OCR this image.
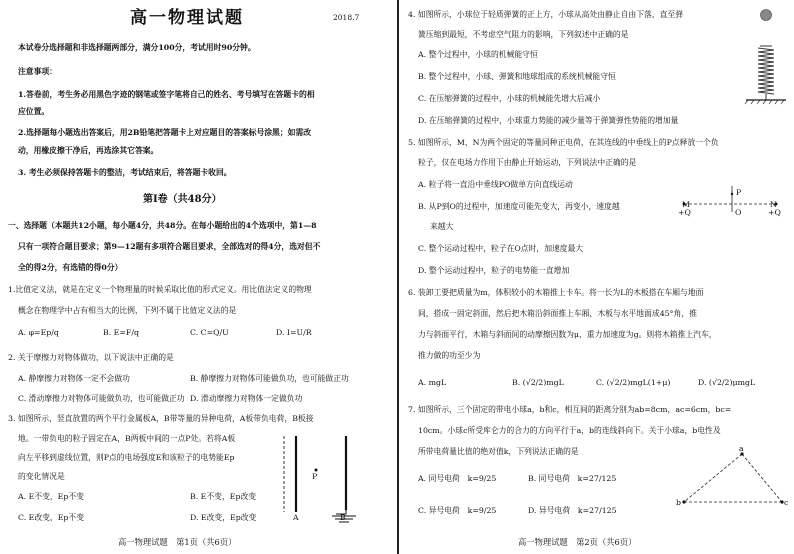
高一物理试题	2018.7
本试卷分选择题和非选择题两部分，满分100分，考试用时90分钟。
注意事项：
1.答卷前，考生务必用黑色字迹的钢笔或签字笔将自己的姓名、考号填写在答题卡的相
应位置。
2.选择题每小题选出答案后，用2B铅笔把答题卡上对应题目的答案标号涂黑；如需改
动，用橡皮擦干净后，再选涂其它答案。
3. 考生必须保持答题卡的整洁，考试结束后，将答题卡收回。
第Ⅰ卷（共48分）
一、选择题（本题共12小题，每小题4分，共48分。在每小题给出的4个选项中，第1—8
只有一项符合题目要求；第9—12题有多项符合题目要求，全部选对的得4分，选对但不
全的得2分，有选错的得0分）
1.比值定义法，就是在定义一个物理量的时候采取比值的形式定义。用比值法定义的物理
概念在物理学中占有相当大的比例，下列不属于比值定义法的是
A. φ=Ep/q	B. E=F/q	C. C=Q/U	D. I=U/R
2. 关于摩擦力对物体做功，以下说法中正确的是
A. 静摩擦力对物体一定不会做功	B. 静摩擦力对物体可能做负功，也可能做正功
C. 滑动摩擦力对物体可能做负功，也可能做正功 D. 滑动摩擦力对物体一定做负功
3. 如图所示，竖直放置的两个平行金属板A，B带等量的异种电荷，A板带负电荷，B板接
地。一带负电的粒子固定在A，B两板中间的一点P处。若将A板
向左平移到虚线位置，则P点的电场强度E和该粒子的电势能Ep
的变化情况是
A. E不变，Ep不变	B. E不变，Ep改变
C. E改变，Ep不变	D. E改变，Ep改变
P
A	B
高一物理试题　第1页（共6页）
4. 如图所示，小球位于轻质弹簧的正上方，小球从高处由静止自由下落，直至弹
簧压缩到最短，不考虑空气阻力的影响，下列叙述中正确的是
A. 整个过程中，小球的机械能守恒
B. 整个过程中，小球、弹簧和地球组成的系统机械能守恒
C. 在压缩弹簧的过程中，小球的机械能先增大后减小
D. 在压缩弹簧的过程中，小球重力势能的减少量等于弹簧弹性势能的增加量
5. 如图所示，M、N为两个固定的等量同种正电荷，在其连线的中垂线上的P点释放一个负
粒子，仅在电场力作用下由静止开始运动，下列说法中正确的是
A. 粒子将一直沿中垂线PO做单方向直线运动
B. 从P到O的过程中，加速度可能先变大，再变小，速度越
来越大
C. 整个运动过程中，粒子在O点时，加速度最大
D. 整个运动过程中，粒子的电势能一直增加
P
M
O
N
+Q	+Q
6. 装卸工要把质量为m，体积较小的木箱推上卡车。将一长为L的木板搭在车厢与地面
间，搭成一固定斜面，然后把木箱沿斜面推上车厢，木板与水平地面成45°角，推
力与斜面平行，木箱与斜面间的动摩擦因数为μ，重力加速度为g。则将木箱推上汽车，
推力做的功至少为
A. mgL	B. (√2/2)mgL	C. (√2/2)mgL(1+μ)	D. (√2/2)μmgL
7. 如图所示，三个固定的带电小球a，b和c，相互间的距离分别为ab=8cm，ac=6cm，bc=
10cm。小球c所受库仑力的合力的方向平行于a，b的连线斜向下。关于小球a，b电性及
所带电荷量比值的绝对值k，下列说法正确的是
A. 同号电荷　k=9/25	B. 同号电荷　k=27/125
C. 异号电荷　k=9/25	D. 异号电荷　k=27/125
a
b	c
高一物理试题　第2页（共6页）
